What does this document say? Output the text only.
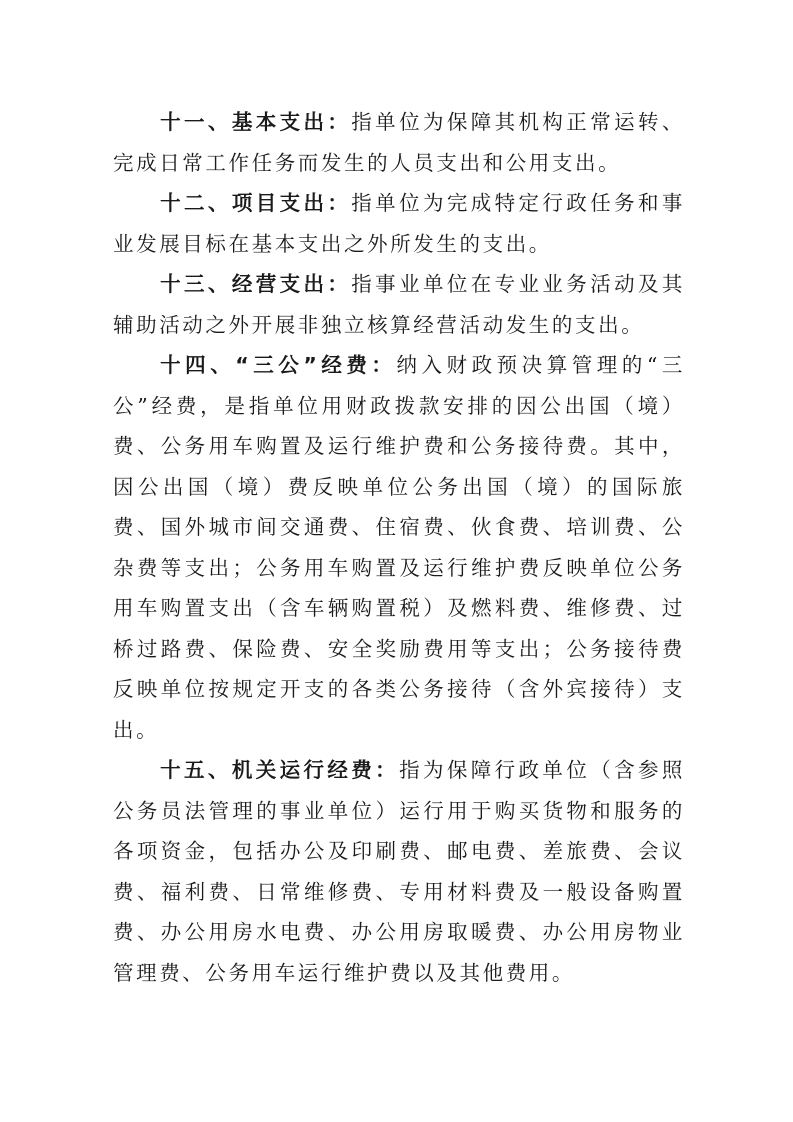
十一、基本支出：指单位为保障其机构正常运转、完成日常工作任务而发生的人员支出和公用支出。

十二、项目支出：指单位为完成特定行政任务和事业发展目标在基本支出之外所发生的支出。

十三、经营支出：指事业单位在专业业务活动及其辅助活动之外开展非独立核算经营活动发生的支出。

十四、“三公”经费：纳入财政预决算管理的“三公”经费，是指单位用财政拨款安排的因公出国（境）费、公务用车购置及运行维护费和公务接待费。其中，因公出国（境）费反映单位公务出国（境）的国际旅费、国外城市间交通费、住宿费、伙食费、培训费、公杂费等支出；公务用车购置及运行维护费反映单位公务用车购置支出（含车辆购置税）及燃料费、维修费、过桥过路费、保险费、安全奖励费用等支出；公务接待费反映单位按规定开支的各类公务接待（含外宾接待）支出。

十五、机关运行经费：指为保障行政单位（含参照公务员法管理的事业单位）运行用于购买货物和服务的各项资金，包括办公及印刷费、邮电费、差旅费、会议费、福利费、日常维修费、专用材料费及一般设备购置费、办公用房水电费、办公用房取暖费、办公用房物业管理费、公务用车运行维护费以及其他费用。
